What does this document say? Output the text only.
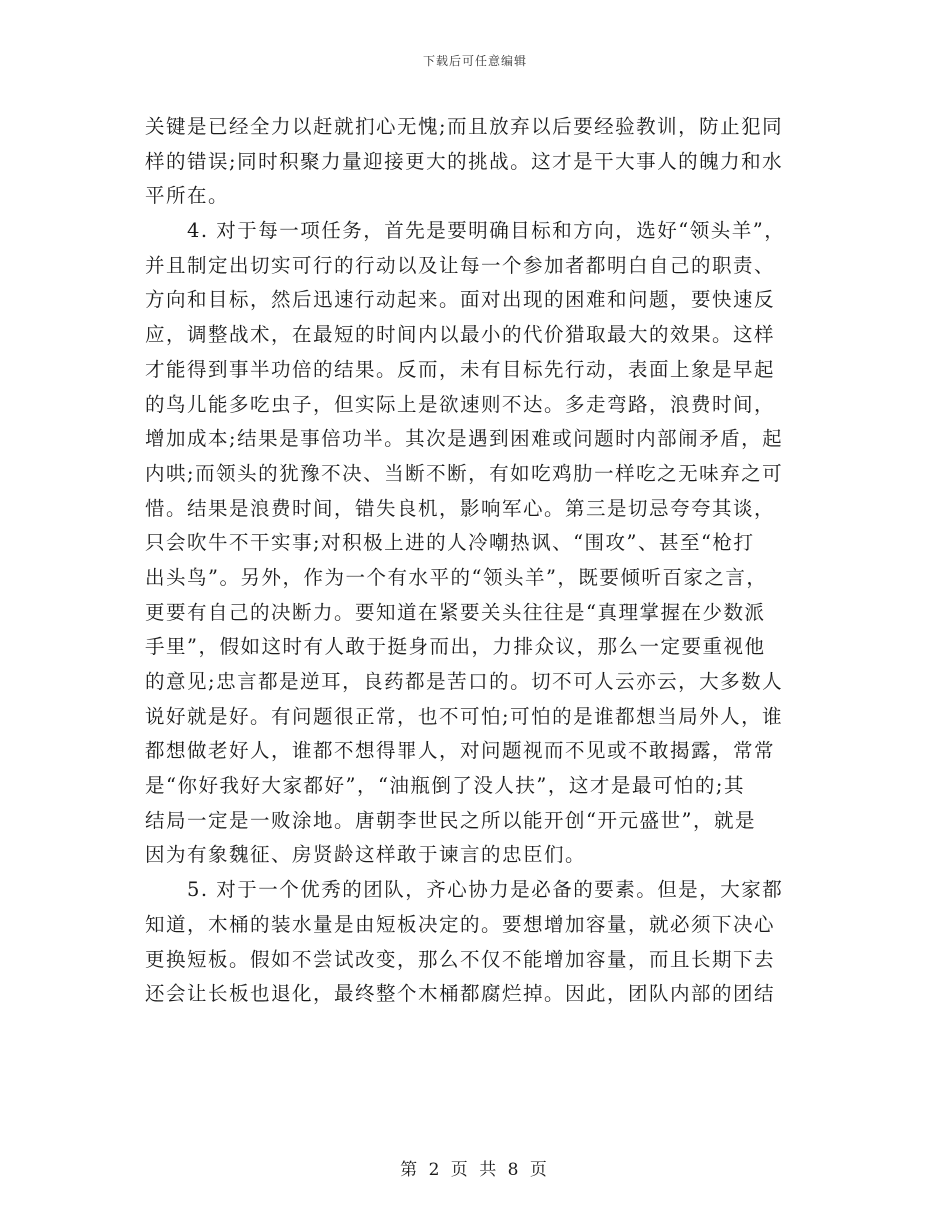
下载后可任意编辑
关键是已经全力以赶就扪心无愧;而且放弃以后要经验教训，防止犯同
样的错误;同时积聚力量迎接更大的挑战。这才是干大事人的魄力和水
平所在。
　　4. 对于每一项任务，首先是要明确目标和方向，选好“领头羊”，
并且制定出切实可行的行动以及让每一个参加者都明白自己的职责、
方向和目标，然后迅速行动起来。面对出现的困难和问题，要快速反
应，调整战术，在最短的时间内以最小的代价猎取最大的效果。这样
才能得到事半功倍的结果。反而，未有目标先行动，表面上象是早起
的鸟儿能多吃虫子，但实际上是欲速则不达。多走弯路，浪费时间，
增加成本;结果是事倍功半。其次是遇到困难或问题时内部闹矛盾，起
内哄;而领头的犹豫不决、当断不断，有如吃鸡肋一样吃之无味弃之可
惜。结果是浪费时间，错失良机，影响军心。第三是切忌夸夸其谈，
只会吹牛不干实事;对积极上进的人冷嘲热讽、“围攻”、甚至“枪打
出头鸟”。另外，作为一个有水平的“领头羊”，既要倾听百家之言，
更要有自己的决断力。要知道在紧要关头往往是“真理掌握在少数派
手里”，假如这时有人敢于挺身而出，力排众议，那么一定要重视他
的意见;忠言都是逆耳，良药都是苦口的。切不可人云亦云，大多数人
说好就是好。有问题很正常，也不可怕;可怕的是谁都想当局外人，谁
都想做老好人，谁都不想得罪人，对问题视而不见或不敢揭露，常常
是“你好我好大家都好”，“油瓶倒了没人扶”，这才是最可怕的;其
结局一定是一败涂地。唐朝李世民之所以能开创“开元盛世”，就是
因为有象魏征、房贤龄这样敢于谏言的忠臣们。
　　5. 对于一个优秀的团队，齐心协力是必备的要素。但是，大家都
知道，木桶的装水量是由短板决定的。要想增加容量，就必须下决心
更换短板。假如不尝试改变，那么不仅不能增加容量，而且长期下去
还会让长板也退化，最终整个木桶都腐烂掉。因此，团队内部的团结
第 2 页 共 8 页
